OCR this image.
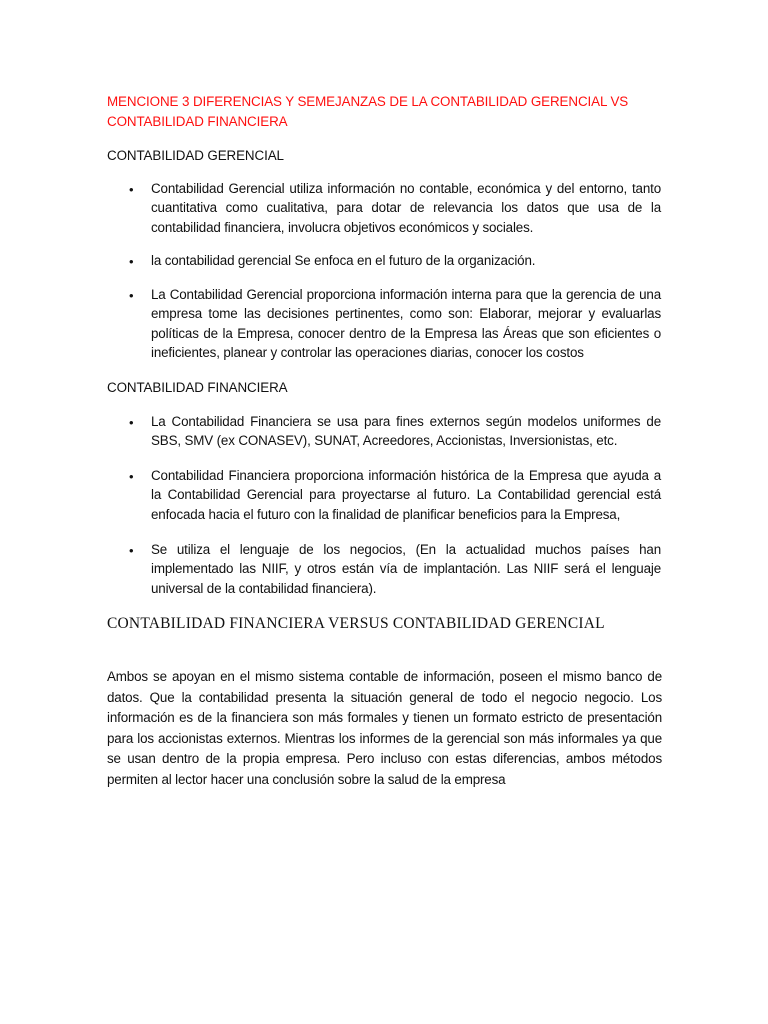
MENCIONE 3 DIFERENCIAS Y SEMEJANZAS DE LA CONTABILIDAD GERENCIAL VS
CONTABILIDAD FINANCIERA
CONTABILIDAD GERENCIAL
•	Contabilidad Gerencial utiliza información no contable, económica y del entorno, tanto cuantitativa como cualitativa, para dotar de relevancia los datos que usa de la contabilidad financiera, involucra objetivos económicos y sociales.
•	la contabilidad gerencial Se enfoca en el futuro de la organización.
•	La Contabilidad Gerencial proporciona información interna para que la gerencia de una empresa tome las decisiones pertinentes, como son: Elaborar, mejorar y evaluarlas políticas de la Empresa, conocer dentro de la Empresa las Áreas que son eficientes o ineficientes, planear y controlar las operaciones diarias, conocer los costos
CONTABILIDAD FINANCIERA
•	La Contabilidad Financiera se usa para fines externos según modelos uniformes de SBS, SMV (ex CONASEV), SUNAT, Acreedores, Accionistas, Inversionistas, etc.
•	Contabilidad Financiera proporciona información histórica de la Empresa que ayuda a la Contabilidad Gerencial para proyectarse al futuro. La Contabilidad gerencial está enfocada hacia el futuro con la finalidad de planificar beneficios para la Empresa,
•	Se utiliza el lenguaje de los negocios, (En la actualidad muchos países han implementado las NIIF, y otros están vía de implantación. Las NIIF será el lenguaje universal de la contabilidad financiera).
CONTABILIDAD FINANCIERA VERSUS CONTABILIDAD GERENCIAL
Ambos se apoyan en el mismo sistema contable de información, poseen el mismo banco de datos. Que la contabilidad presenta la situación general de todo el negocio negocio. Los información es de la financiera son más formales y tienen un formato estricto de presentación para los accionistas externos. Mientras los informes de la gerencial son más informales ya que se usan dentro de la propia empresa. Pero incluso con estas diferencias, ambos métodos permiten al lector hacer una conclusión sobre la salud de la empresa
